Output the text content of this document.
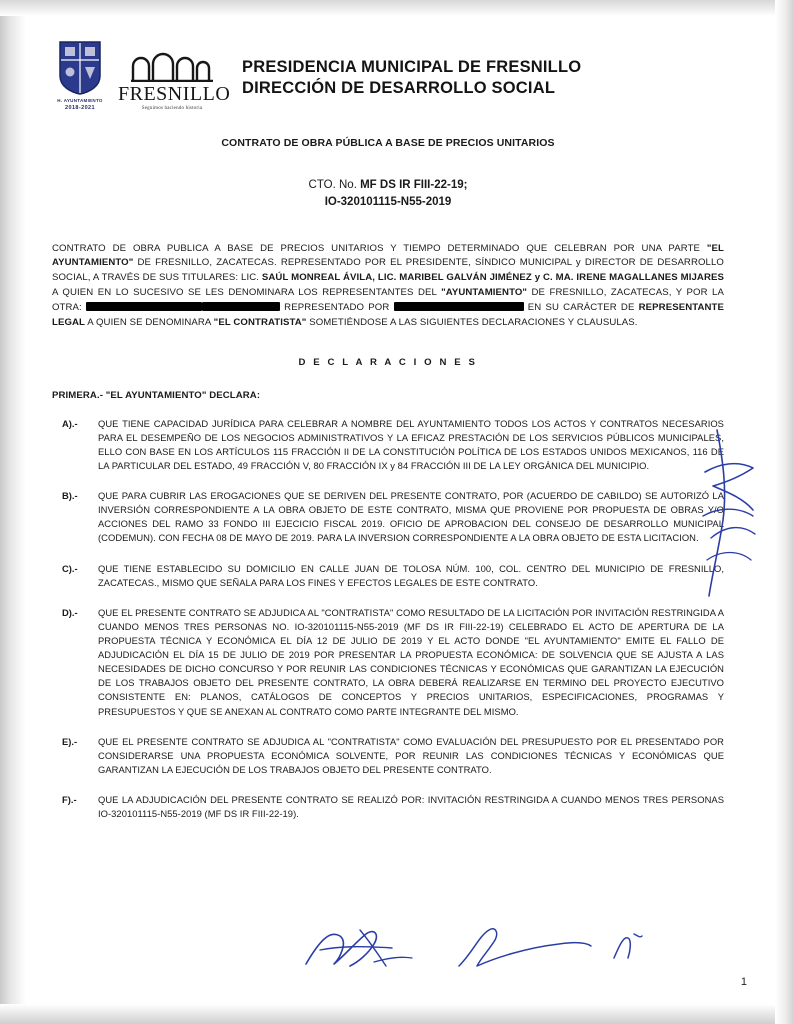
H. AYUNTAMIENTO
2018-2021
FRESNILLO
Seguimos haciendo historia
PRESIDENCIA MUNICIPAL DE FRESNILLO
DIRECCIÓN DE DESARROLLO SOCIAL
CONTRATO DE OBRA PÚBLICA A BASE DE PRECIOS UNITARIOS
CTO. No. MF DS IR FIII-22-19;
IO-320101115-N55-2019
CONTRATO DE OBRA PUBLICA A BASE DE PRECIOS UNITARIOS Y TIEMPO DETERMINADO QUE CELEBRAN POR UNA PARTE "EL AYUNTAMIENTO" DE FRESNILLO, ZACATECAS. REPRESENTADO POR EL PRESIDENTE, SÍNDICO MUNICIPAL y DIRECTOR DE DESARROLLO SOCIAL, A TRAVÉS DE SUS TITULARES: LIC. SAÚL MONREAL ÁVILA, LIC. MARIBEL GALVÁN JIMÉNEZ y C. MA. IRENE MAGALLANES MIJARES A QUIEN EN LO SUCESIVO SE LES DENOMINARA LOS REPRESENTANTES DEL "AYUNTAMIENTO" DE FRESNILLO, ZACATECAS, Y POR LA OTRA:	REPRESENTADO POR	EN SU CARÁCTER DE REPRESENTANTE LEGAL A QUIEN SE DENOMINARA "EL CONTRATISTA" SOMETIÉNDOSE A LAS SIGUIENTES DECLARACIONES Y CLAUSULAS.
D E C L A R A C I O N E S
PRIMERA.- "EL AYUNTAMIENTO" DECLARA:
A).-	QUE TIENE CAPACIDAD JURÍDICA PARA CELEBRAR A NOMBRE DEL AYUNTAMIENTO TODOS LOS ACTOS Y CONTRATOS NECESARIOS PARA EL DESEMPEÑO DE LOS NEGOCIOS ADMINISTRATIVOS Y LA EFICAZ PRESTACIÓN DE LOS SERVICIOS PÚBLICOS MUNICIPALES, ELLO CON BASE EN LOS ARTÍCULOS 115 FRACCIÓN II DE LA CONSTITUCIÓN POLÍTICA DE LOS ESTADOS UNIDOS MEXICANOS, 116 DE LA PARTICULAR DEL ESTADO, 49 FRACCIÓN V, 80 FRACCIÓN IX y 84 FRACCIÓN III DE LA LEY ORGÁNICA DEL MUNICIPIO.
B).-	QUE PARA CUBRIR LAS EROGACIONES QUE SE DERIVEN DEL PRESENTE CONTRATO, POR (ACUERDO DE CABILDO) SE AUTORIZÓ LA INVERSIÓN CORRESPONDIENTE A LA OBRA OBJETO DE ESTE CONTRATO, MISMA QUE PROVIENE POR PROPUESTA DE OBRAS Y/O ACCIONES DEL RAMO 33 FONDO III EJECICIO FISCAL 2019. OFICIO DE APROBACION DEL CONSEJO DE DESARROLLO MUNICIPAL (CODEMUN). CON FECHA 08 DE MAYO DE 2019. PARA LA INVERSION CORRESPONDIENTE A LA OBRA OBJETO DE ESTA LICITACION.
C).-	QUE TIENE ESTABLECIDO SU DOMICILIO EN CALLE JUAN DE TOLOSA NÚM. 100, COL. CENTRO DEL MUNICIPIO DE FRESNILLO, ZACATECAS., MISMO QUE SEÑALA PARA LOS FINES Y EFECTOS LEGALES DE ESTE CONTRATO.
D).-	QUE EL PRESENTE CONTRATO SE ADJUDICA AL "CONTRATISTA" COMO RESULTADO DE LA LICITACIÓN POR INVITACIÓN RESTRINGIDA A CUANDO MENOS TRES PERSONAS NO. IO-320101115-N55-2019 (MF DS IR FIII-22-19) CELEBRADO EL ACTO DE APERTURA DE LA PROPUESTA TÉCNICA Y ECONÓMICA EL DÍA 12 DE JULIO DE 2019 Y EL ACTO DONDE "EL AYUNTAMIENTO" EMITE EL FALLO DE ADJUDICACIÓN EL DÍA 15 DE JULIO DE 2019 POR PRESENTAR LA PROPUESTA ECONÓMICA: DE SOLVENCIA QUE SE AJUSTA A LAS NECESIDADES DE DICHO CONCURSO Y POR REUNIR LAS CONDICIONES TÉCNICAS Y ECONÓMICAS QUE GARANTIZAN LA EJECUCIÓN DE LOS TRABAJOS OBJETO DEL PRESENTE CONTRATO, LA OBRA DEBERÁ REALIZARSE EN TERMINO DEL PROYECTO EJECUTIVO CONSISTENTE EN: PLANOS, CATÁLOGOS DE CONCEPTOS Y PRECIOS UNITARIOS, ESPECIFICACIONES, PROGRAMAS Y PRESUPUESTOS Y QUE SE ANEXAN AL CONTRATO COMO PARTE INTEGRANTE DEL MISMO.
E).-	QUE EL PRESENTE CONTRATO SE ADJUDICA AL "CONTRATISTA" COMO EVALUACIÓN DEL PRESUPUESTO POR EL PRESENTADO POR CONSIDERARSE UNA PROPUESTA ECONÓMICA SOLVENTE, POR REUNIR LAS CONDICIONES TÉCNICAS Y ECONÓMICAS QUE GARANTIZAN LA EJECUCIÓN DE LOS TRABAJOS OBJETO DEL PRESENTE CONTRATO.
F).-	QUE LA ADJUDICACIÓN DEL PRESENTE CONTRATO SE REALIZÓ POR: INVITACIÓN RESTRINGIDA A CUANDO MENOS TRES PERSONAS IO-320101115-N55-2019 (MF DS IR FIII-22-19).
1
